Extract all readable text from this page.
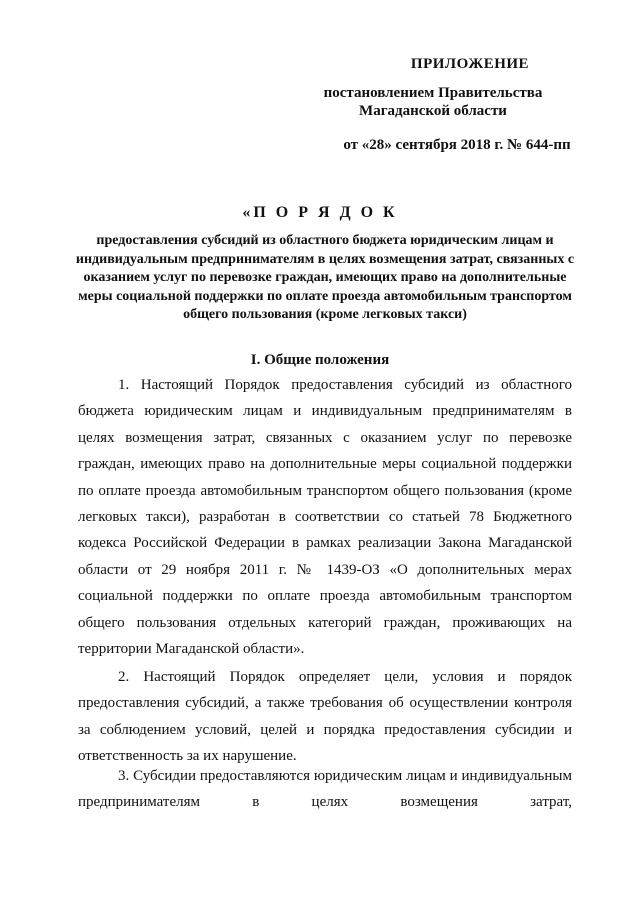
ПРИЛОЖЕНИЕ
постановлением Правительства Магаданской области
от «28» сентября 2018 г. № 644-пп
«П О Р Я Д О К
предоставления субсидий из областного бюджета юридическим лицам и индивидуальным предпринимателям в целях возмещения затрат, связанных с оказанием услуг по перевозке граждан, имеющих право на дополнительные меры социальной поддержки по оплате проезда автомобильным транспортом общего пользования (кроме легковых такси)
I. Общие положения
1. Настоящий Порядок предоставления субсидий из областного бюджета юридическим лицам и индивидуальным предпринимателям в целях возмещения затрат, связанных с оказанием услуг по перевозке граждан, имеющих право на дополнительные меры социальной поддержки по оплате проезда автомобильным транспортом общего пользования (кроме легковых такси), разработан в соответствии со статьей 78 Бюджетного кодекса Российской Федерации в рамках реализации Закона Магаданской области от 29 ноября 2011 г. № 1439-ОЗ «О дополнительных мерах социальной поддержки по оплате проезда автомобильным транспортом общего пользования отдельных категорий граждан, проживающих на территории Магаданской области».
2. Настоящий Порядок определяет цели, условия и порядок предоставления субсидий, а также требования об осуществлении контроля за соблюдением условий, целей и порядка предоставления субсидии и ответственность за их нарушение.
3. Субсидии предоставляются юридическим лицам и индивидуальным предпринимателям в целях возмещения затрат,
